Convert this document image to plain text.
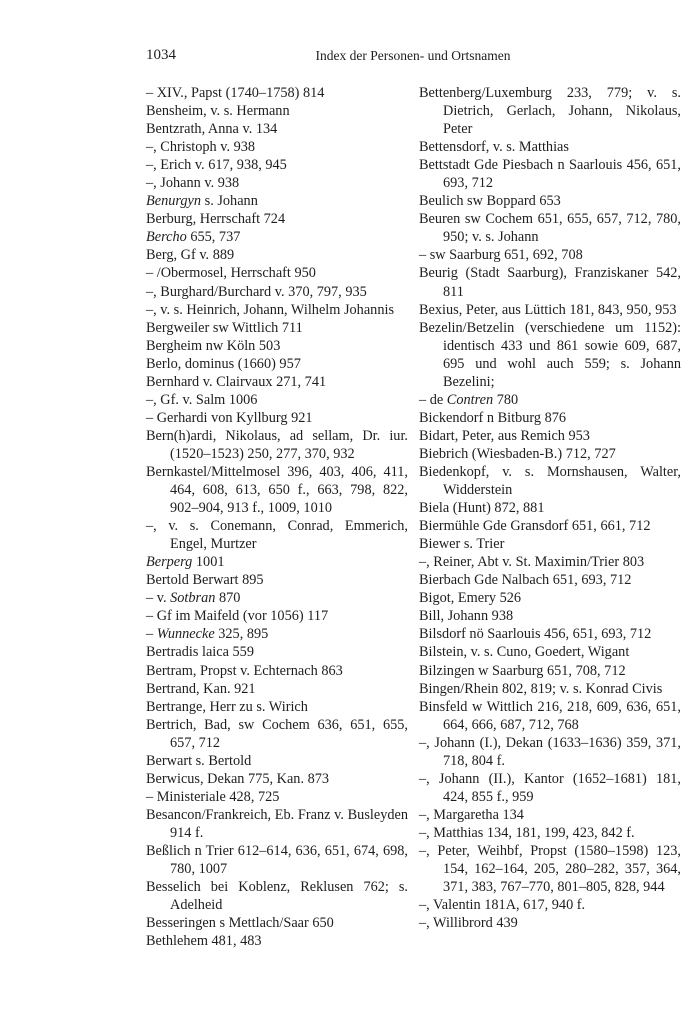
1034	Index der Personen- und Ortsnamen
– XIV., Papst (1740–1758) 814
Bensheim, v. s. Hermann
Bentzrath, Anna v. 134
–, Christoph v. 938
–, Erich v. 617, 938, 945
–, Johann v. 938
Benurgyn s. Johann
Berburg, Herrschaft 724
Bercho 655, 737
Berg, Gf v. 889
– /Obermosel, Herrschaft 950
–, Burghard/Burchard v. 370, 797, 935
–, v. s. Heinrich, Johann, Wilhelm Johannis
Bergweiler sw Wittlich 711
Bergheim nw Köln 503
Berlo, dominus (1660) 957
Bernhard v. Clairvaux 271, 741
–, Gf. v. Salm 1006
– Gerhardi von Kyllburg 921
Bern(h)ardi, Nikolaus, ad sellam, Dr. iur. (1520–1523) 250, 277, 370, 932
Bernkastel/Mittelmosel 396, 403, 406, 411, 464, 608, 613, 650 f., 663, 798, 822, 902–904, 913 f., 1009, 1010
–, v. s. Conemann, Conrad, Emmerich, Engel, Murtzer
Berperg 1001
Bertold Berwart 895
– v. Sotbran 870
– Gf im Maifeld (vor 1056) 117
– Wunnecke 325, 895
Bertradis laica 559
Bertram, Propst v. Echternach 863
Bertrand, Kan. 921
Bertrange, Herr zu s. Wirich
Bertrich, Bad, sw Cochem 636, 651, 655, 657, 712
Berwart s. Bertold
Berwicus, Dekan 775, Kan. 873
– Ministeriale 428, 725
Besancon/Frankreich, Eb. Franz v. Busleyden 914 f.
Beßlich n Trier 612–614, 636, 651, 674, 698, 780, 1007
Besselich bei Koblenz, Reklusen 762; s. Adelheid
Besseringen s Mettlach/Saar 650
Bethlehem 481, 483
Bettenberg/Luxemburg 233, 779; v. s. Dietrich, Gerlach, Johann, Nikolaus, Peter
Bettensdorf, v. s. Matthias
Bettstadt Gde Piesbach n Saarlouis 456, 651, 693, 712
Beulich sw Boppard 653
Beuren sw Cochem 651, 655, 657, 712, 780, 950; v. s. Johann
– sw Saarburg 651, 692, 708
Beurig (Stadt Saarburg), Franziskaner 542, 811
Bexius, Peter, aus Lüttich 181, 843, 950, 953
Bezelin/Betzelin (verschiedene um 1152): identisch 433 und 861 sowie 609, 687, 695 und wohl auch 559; s. Johann Bezelini;
– de Contren 780
Bickendorf n Bitburg 876
Bidart, Peter, aus Remich 953
Biebrich (Wiesbaden-B.) 712, 727
Biedenkopf, v. s. Mornshausen, Walter, Widderstein
Biela (Hunt) 872, 881
Biermühle Gde Gransdorf 651, 661, 712
Biewer s. Trier
–, Reiner, Abt v. St. Maximin/Trier 803
Bierbach Gde Nalbach 651, 693, 712
Bigot, Emery 526
Bill, Johann 938
Bilsdorf nö Saarlouis 456, 651, 693, 712
Bilstein, v. s. Cuno, Goedert, Wigant
Bilzingen w Saarburg 651, 708, 712
Bingen/Rhein 802, 819; v. s. Konrad Civis
Binsfeld w Wittlich 216, 218, 609, 636, 651, 664, 666, 687, 712, 768
–, Johann (I.), Dekan (1633–1636) 359, 371, 718, 804 f.
–, Johann (II.), Kantor (1652–1681) 181, 424, 855 f., 959
–, Margaretha 134
–, Matthias 134, 181, 199, 423, 842 f.
–, Peter, Weihbf, Propst (1580–1598) 123, 154, 162–164, 205, 280–282, 357, 364, 371, 383, 767–770, 801–805, 828, 944
–, Valentin 181A, 617, 940 f.
–, Willibrord 439
